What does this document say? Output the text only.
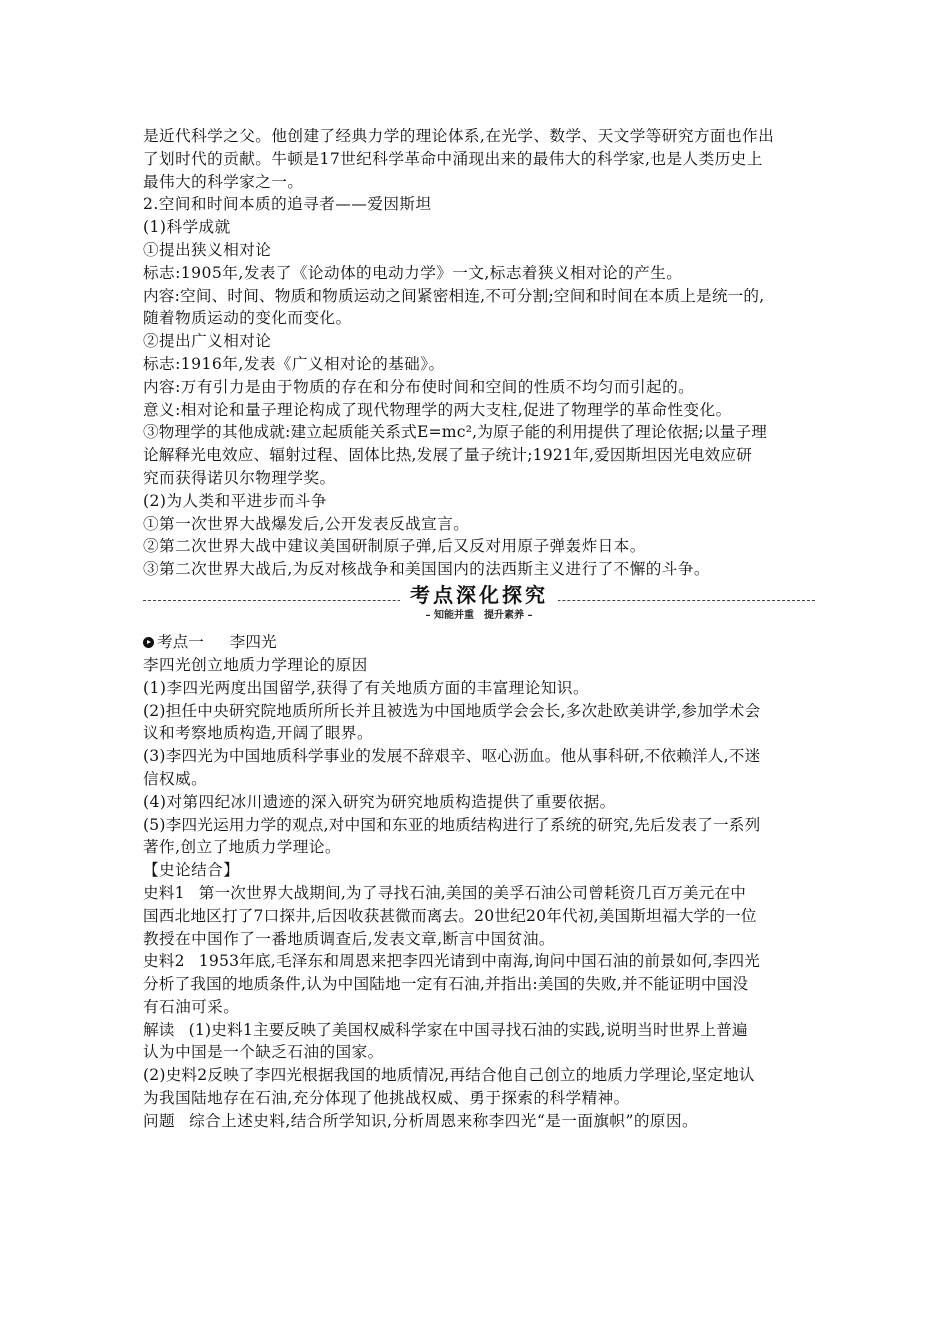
是近代科学之父。他创建了经典力学的理论体系,在光学、数学、天文学等研究方面也作出
了划时代的贡献。牛顿是17世纪科学革命中涌现出来的最伟大的科学家,也是人类历史上
最伟大的科学家之一。
2.空间和时间本质的追寻者——爱因斯坦
(1)科学成就
①提出狭义相对论
标志:1905年,发表了《论动体的电动力学》一文,标志着狭义相对论的产生。
内容:空间、时间、物质和物质运动之间紧密相连,不可分割;空间和时间在本质上是统一的,
随着物质运动的变化而变化。
②提出广义相对论
标志:1916年,发表《广义相对论的基础》。
内容:万有引力是由于物质的存在和分布使时间和空间的性质不均匀而引起的。
意义:相对论和量子理论构成了现代物理学的两大支柱,促进了物理学的革命性变化。
③物理学的其他成就:建立起质能关系式E=mc²,为原子能的利用提供了理论依据;以量子理
论解释光电效应、辐射过程、固体比热,发展了量子统计;1921年,爱因斯坦因光电效应研
究而获得诺贝尔物理学奖。
(2)为人类和平进步而斗争
①第一次世界大战爆发后,公开发表反战宣言。
②第二次世界大战中建议美国研制原子弹,后又反对用原子弹轰炸日本。
③第二次世界大战后,为反对核战争和美国国内的法西斯主义进行了不懈的斗争。
考点深化探究
– 知能并重 提升素养 –
考点一 李四光
李四光创立地质力学理论的原因
(1)李四光两度出国留学,获得了有关地质方面的丰富理论知识。
(2)担任中央研究院地质所所长并且被选为中国地质学会会长,多次赴欧美讲学,参加学术会
议和考察地质构造,开阔了眼界。
(3)李四光为中国地质科学事业的发展不辞艰辛、呕心沥血。他从事科研,不依赖洋人,不迷
信权威。
(4)对第四纪冰川遗迹的深入研究为研究地质构造提供了重要依据。
(5)李四光运用力学的观点,对中国和东亚的地质结构进行了系统的研究,先后发表了一系列
著作,创立了地质力学理论。
【史论结合】
史料1 第一次世界大战期间,为了寻找石油,美国的美孚石油公司曾耗资几百万美元在中
国西北地区打了7口探井,后因收获甚微而离去。20世纪20年代初,美国斯坦福大学的一位
教授在中国作了一番地质调查后,发表文章,断言中国贫油。
史料2 1953年底,毛泽东和周恩来把李四光请到中南海,询问中国石油的前景如何,李四光
分析了我国的地质条件,认为中国陆地一定有石油,并指出:美国的失败,并不能证明中国没
有石油可采。
解读 (1)史料1主要反映了美国权威科学家在中国寻找石油的实践,说明当时世界上普遍
认为中国是一个缺乏石油的国家。
(2)史料2反映了李四光根据我国的地质情况,再结合他自己创立的地质力学理论,坚定地认
为我国陆地存在石油,充分体现了他挑战权威、勇于探索的科学精神。
问题 综合上述史料,结合所学知识,分析周恩来称李四光“是一面旗帜”的原因。
